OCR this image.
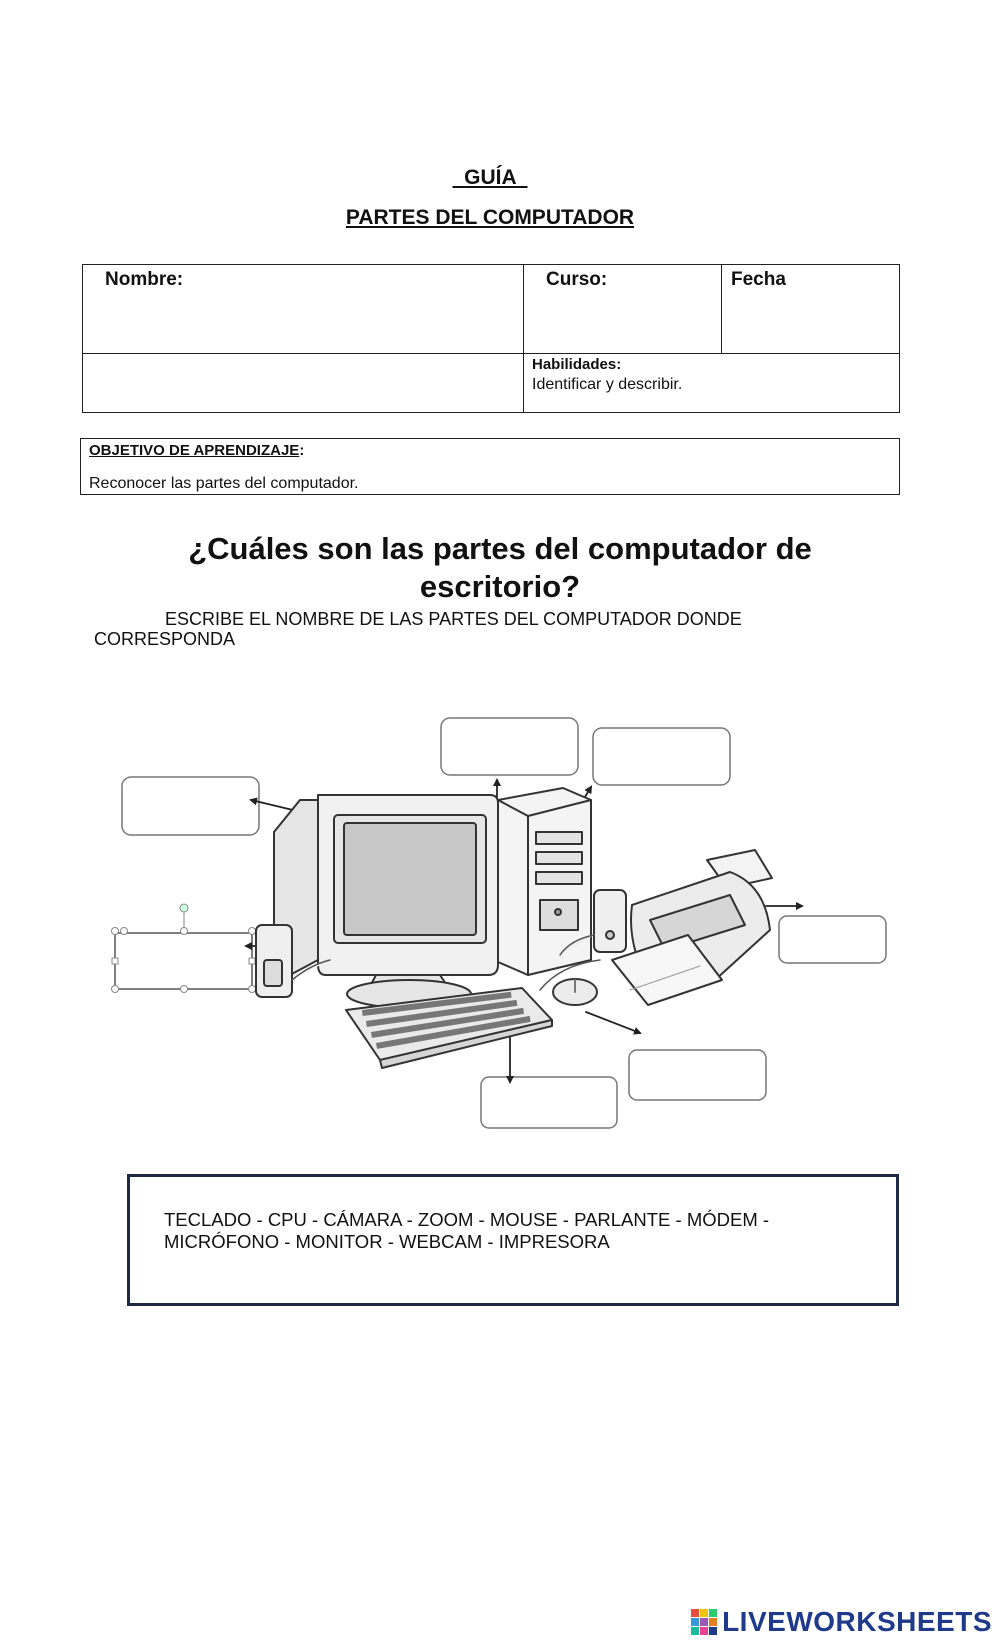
GUÍA
PARTES DEL COMPUTADOR
Nombre:	Curso:	Fecha

	Habilidades:
Identificar y describir.	
OBJETIVO DE APRENDIZAJE:
Reconocer las partes del computador.
¿Cuáles son las partes del computador de escritorio?
ESCRIBE EL NOMBRE DE LAS PARTES DEL COMPUTADOR DONDE CORRESPONDA
TECLADO - CPU - CÁMARA - ZOOM - MOUSE - PARLANTE - MÓDEM - MICRÓFONO - MONITOR - WEBCAM - IMPRESORA
LIVEWORKSHEETS
